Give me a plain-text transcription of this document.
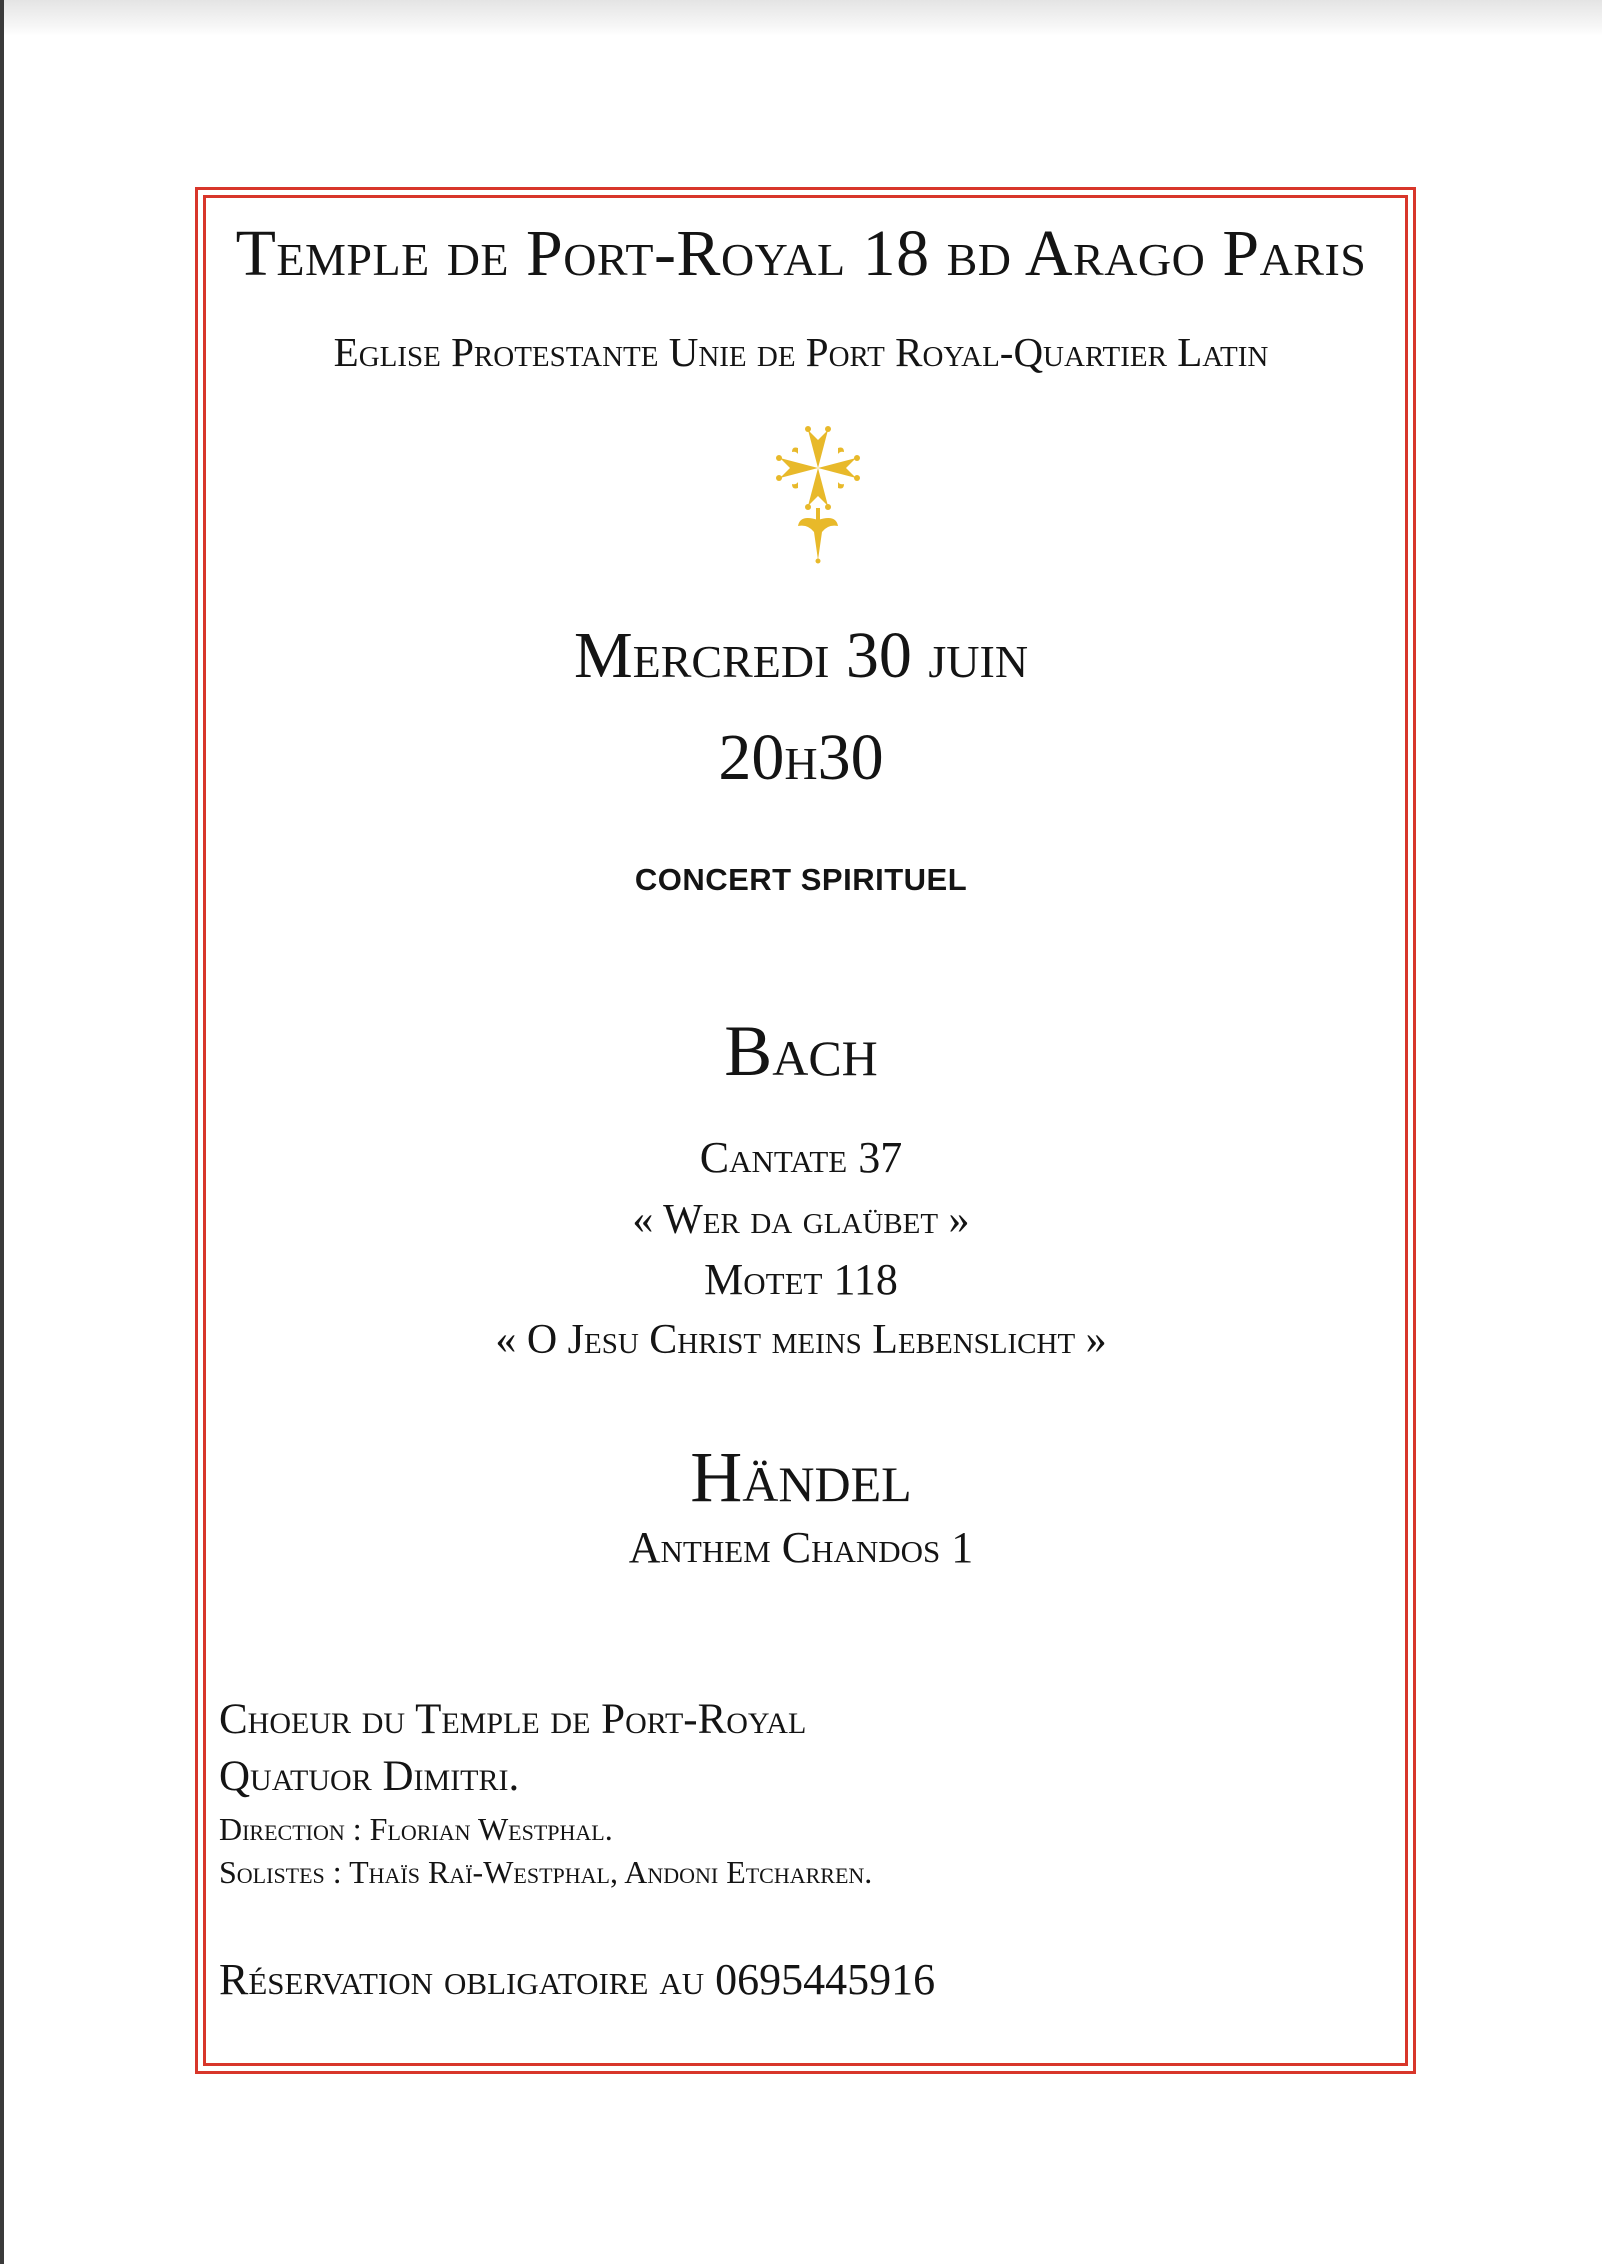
Temple de Port-Royal 18 bd Arago Paris

Eglise Protestante Unie de Port Royal-Quartier Latin

Mercredi 30 juin

20h30

CONCERT SPIRITUEL

Bach

Cantate 37

« Wer da glaübet »

Motet 118

« O Jesu Christ meins Lebenslicht »

Händel

Anthem Chandos 1

Choeur du Temple de Port-Royal

Quatuor Dimitri.

Direction : Florian Westphal.

Solistes : Thaïs Raï-Westphal, Andoni Etcharren.

Réservation obligatoire au 0695445916
